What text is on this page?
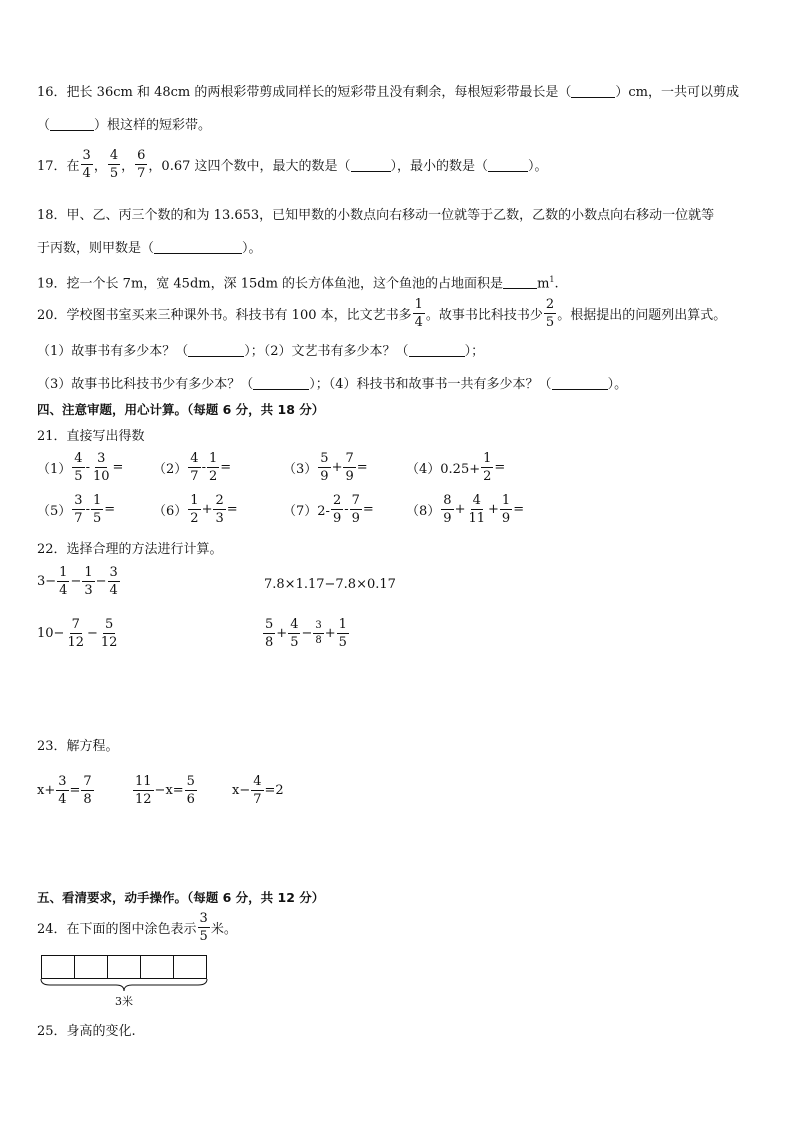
16．把长 36cm 和 48cm 的两根彩带剪成同样长的短彩带且没有剩余，每根短彩带最长是（	）cm，一共可以剪成
（	）根这样的短彩带。
17．在 $\frac{3}{4}$ ， $\frac{4}{5}$ ， $\frac{6}{7}$ ，0.67 这四个数中，最大的数是（	），最小的数是（	）。
18．甲、乙、丙三个数的和为 13.653，已知甲数的小数点向右移动一位就等于乙数，乙数的小数点向右移动一位就等
于丙数，则甲数是（	）。
19．挖一个长 7m，宽 45dm，深 15dm 的长方体鱼池，这个鱼池的占地面积是	$m^1$.
20．学校图书室买来三种课外书。科技书有 100 本，比文艺书多 $\frac{1}{4}$ 。故事书比科技书少 $\frac{2}{5}$ 。根据提出的问题列出算式。
（1）故事书有多少本？（	）；（2）文艺书有多少本？（	）；
（3）故事书比科技书少有多少本？（	）；（4）科技书和故事书一共有多少本？（	）。
四、注意审题，用心计算。（每题 6 分，共 18 分）
21．直接写出得数
$(1) \frac{4}{5} - \frac{3}{10} = (2) \frac{4}{7} - \frac{1}{2}$ =	$(3) \frac{5}{9} + \frac{7}{9}$ =	$(4)0.25+ \frac{1}{2}$ =
$(5) \frac{3}{7} - \frac{1}{5}$ =	$(6) \frac{1}{2} + \frac{2}{3}$ =	$(7)2- \frac{2}{9} - \frac{7}{9} = (8) \frac{8}{9} + \frac{4}{11} + \frac{1}{9}$ =
22．选择合理的方法进行计算。
$3- \frac{1}{4} - \frac{1}{3} - \frac{3}{4}$	7.8×1.17−7.8×0.17
$10- \frac{7}{12} - \frac{5}{12}$	$\frac{5}{8} + \frac{4}{5} - \frac{3}{8} + \frac{1}{5}$
23．解方程。
$x+ \frac{3}{4} = \frac{7}{8}$	$\frac{11}{12} -x= \frac{5}{6}$	$x- \frac{4}{7} =2$
五、看清要求，动手操作。（每题 6 分，共 12 分）
24．在下面的图中涂色表示 $\frac{3}{5}$ 米。
3米
25．身高的变化.
